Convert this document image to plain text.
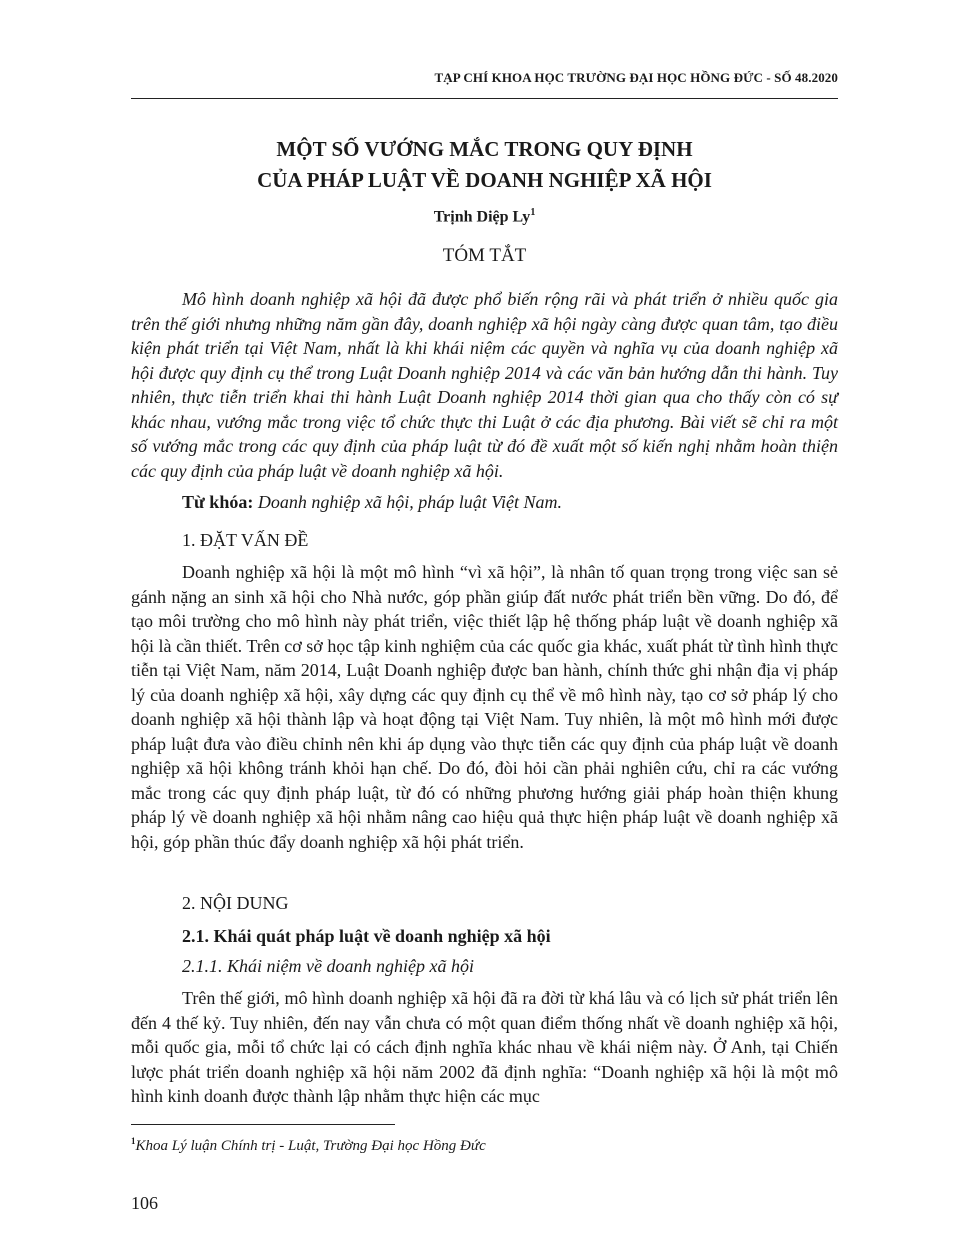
TẠP CHÍ KHOA HỌC TRƯỜNG ĐẠI HỌC HỒNG ĐỨC - SỐ 48.2020
MỘT SỐ VƯỚNG MẮC TRONG QUY ĐỊNH
CỦA PHÁP LUẬT VỀ DOANH NGHIỆP XÃ HỘI
Trịnh Diệp Ly$^1$
TÓM TẮT

Mô hình doanh nghiệp xã hội đã được phổ biến rộng rãi và phát triển ở nhiều quốc gia trên thế giới nhưng những năm gần đây, doanh nghiệp xã hội ngày càng được quan tâm, tạo điều kiện phát triển tại Việt Nam, nhất là khi khái niệm các quyền và nghĩa vụ của doanh nghiệp xã hội được quy định cụ thể trong Luật Doanh nghiệp 2014 và các văn bản hướng dẫn thi hành. Tuy nhiên, thực tiễn triển khai thi hành Luật Doanh nghiệp 2014 thời gian qua cho thấy còn có sự khác nhau, vướng mắc trong việc tổ chức thực thi Luật ở các địa phương. Bài viết sẽ chỉ ra một số vướng mắc trong các quy định của pháp luật từ đó đề xuất một số kiến nghị nhằm hoàn thiện các quy định của pháp luật về doanh nghiệp xã hội.

Từ khóa: Doanh nghiệp xã hội, pháp luật Việt Nam.

1. ĐẶT VẤN ĐỀ

Doanh nghiệp xã hội là một mô hình “vì xã hội”, là nhân tố quan trọng trong việc san sẻ gánh nặng an sinh xã hội cho Nhà nước, góp phần giúp đất nước phát triển bền vững. Do đó, để tạo môi trường cho mô hình này phát triển, việc thiết lập hệ thống pháp luật về doanh nghiệp xã hội là cần thiết. Trên cơ sở học tập kinh nghiệm của các quốc gia khác, xuất phát từ tình hình thực tiễn tại Việt Nam, năm 2014, Luật Doanh nghiệp được ban hành, chính thức ghi nhận địa vị pháp lý của doanh nghiệp xã hội, xây dựng các quy định cụ thể về mô hình này, tạo cơ sở pháp lý cho doanh nghiệp xã hội thành lập và hoạt động tại Việt Nam. Tuy nhiên, là một mô hình mới được pháp luật đưa vào điều chỉnh nên khi áp dụng vào thực tiễn các quy định của pháp luật về doanh nghiệp xã hội không tránh khỏi hạn chế. Do đó, đòi hỏi cần phải nghiên cứu, chỉ ra các vướng mắc trong các quy định pháp luật, từ đó có những phương hướng giải pháp hoàn thiện khung pháp lý về doanh nghiệp xã hội nhằm nâng cao hiệu quả thực hiện pháp luật về doanh nghiệp xã hội, góp phần thúc đẩy doanh nghiệp xã hội phát triển.

2. NỘI DUNG
2.1. Khái quát pháp luật về doanh nghiệp xã hội
2.1.1. Khái niệm về doanh nghiệp xã hội

Trên thế giới, mô hình doanh nghiệp xã hội đã ra đời từ khá lâu và có lịch sử phát triển lên đến 4 thế kỷ. Tuy nhiên, đến nay vẫn chưa có một quan điểm thống nhất về doanh nghiệp xã hội, mỗi quốc gia, mỗi tổ chức lại có cách định nghĩa khác nhau về khái niệm này. Ở Anh, tại Chiến lược phát triển doanh nghiệp xã hội năm 2002 đã định nghĩa: “Doanh nghiệp xã hội là một mô hình kinh doanh được thành lập nhằm thực hiện các mục

$^1$Khoa Lý luận Chính trị - Luật, Trường Đại học Hồng Đức
106
